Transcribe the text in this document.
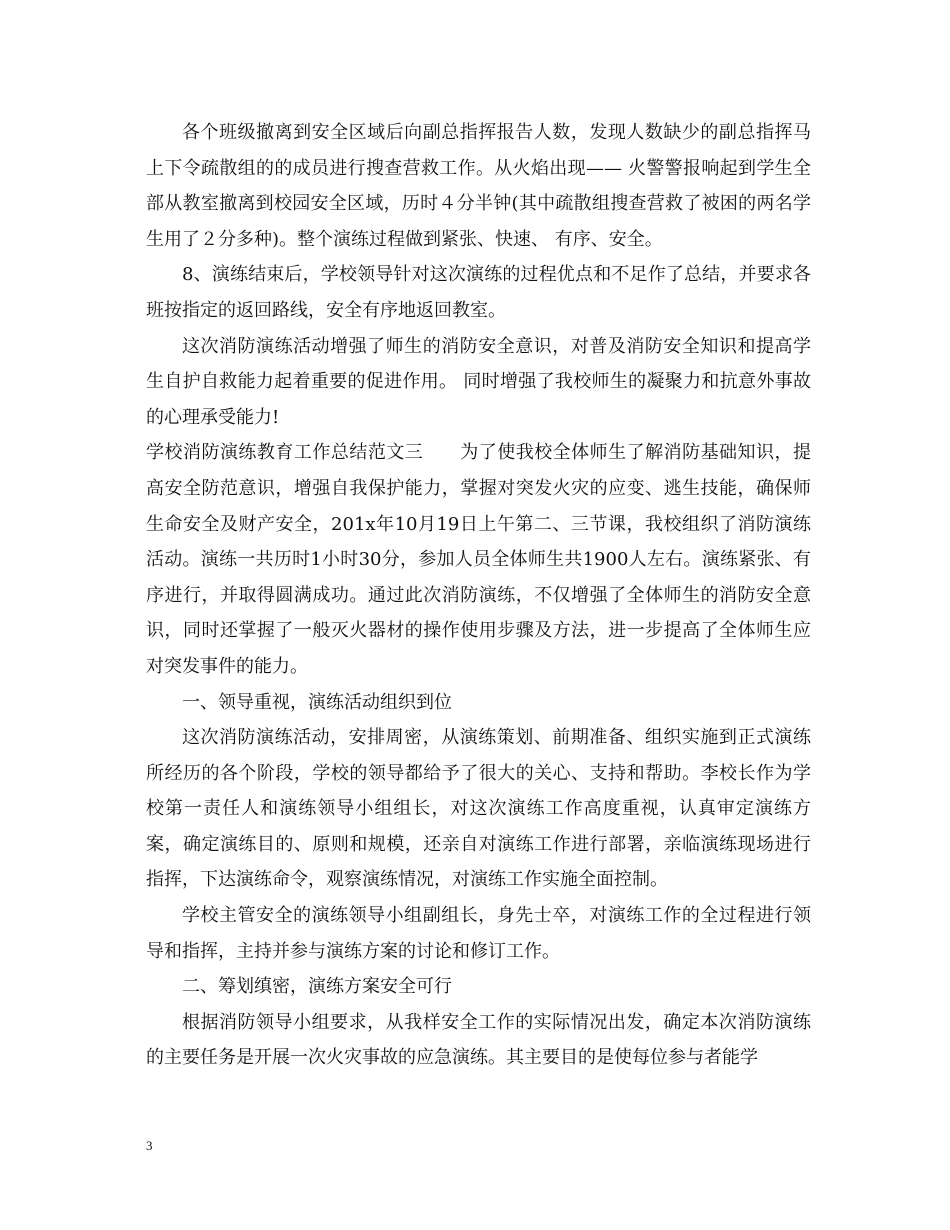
各个班级撤离到安全区域后向副总指挥报告人数，发现人数缺少的副总指挥马上下令疏散组的的成员进行搜查营救工作。从火焰出现—— 火警警报响起到学生全部从教室撤离到校园安全区域，历时４分半钟(其中疏散组搜查营救了被困的两名学生用了２分多种)。整个演练过程做到紧张、快速、 有序、安全。

8、演练结束后，学校领导针对这次演练的过程优点和不足作了总结，并要求各班按指定的返回路线，安全有序地返回教室。

这次消防演练活动增强了师生的消防安全意识，对普及消防安全知识和提高学生自护自救能力起着重要的促进作用。 同时增强了我校师生的凝聚力和抗意外事故的心理承受能力!

学校消防演练教育工作总结范文三　　为了使我校全体师生了解消防基础知识，提高安全防范意识，增强自我保护能力，掌握对突发火灾的应变、逃生技能，确保师生命安全及财产安全，201x年10月19日上午第二、三节课，我校组织了消防演练活动。演练一共历时1小时30分，参加人员全体师生共1900人左右。演练紧张、有序进行，并取得圆满成功。通过此次消防演练，不仅增强了全体师生的消防安全意识，同时还掌握了一般灭火器材的操作使用步骤及方法，进一步提高了全体师生应对突发事件的能力。

一、领导重视，演练活动组织到位

这次消防演练活动，安排周密，从演练策划、前期准备、组织实施到正式演练所经历的各个阶段，学校的领导都给予了很大的关心、支持和帮助。李校长作为学校第一责任人和演练领导小组组长，对这次演练工作高度重视，认真审定演练方案，确定演练目的、原则和规模，还亲自对演练工作进行部署，亲临演练现场进行指挥，下达演练命令，观察演练情况，对演练工作实施全面控制。

学校主管安全的演练领导小组副组长，身先士卒，对演练工作的全过程进行领导和指挥，主持并参与演练方案的讨论和修订工作。

二、筹划缜密，演练方案安全可行

根据消防领导小组要求，从我样安全工作的实际情况出发，确定本次消防演练的主要任务是开展一次火灾事故的应急演练。其主要目的是使每位参与者能学

3
